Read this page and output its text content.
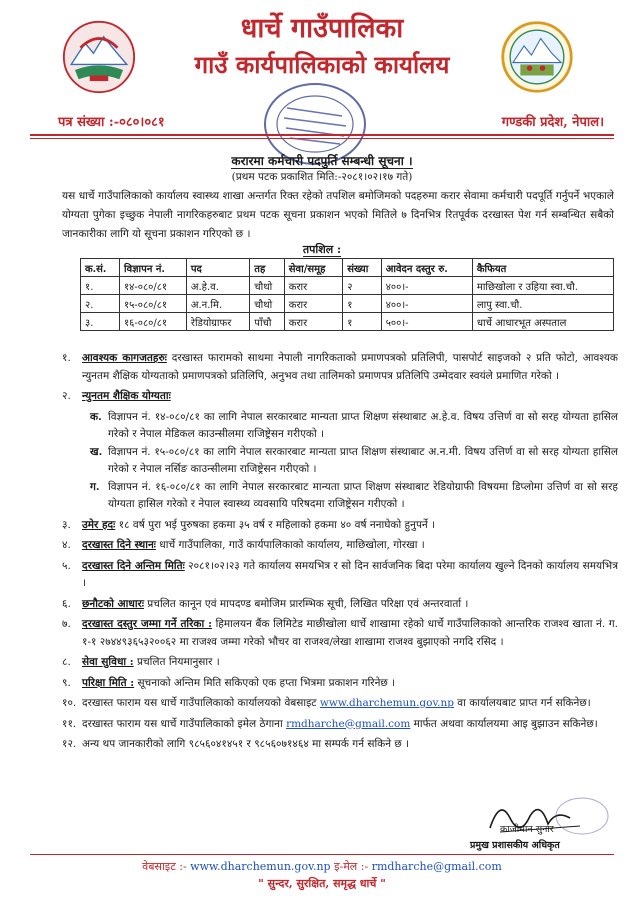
धार्चे गाउँपालिका
गाउँ कार्यपालिकाको कार्यालय
पत्र संख्या :-०८०।०८१	गण्डकी प्रदेश, नेपाल।
करारमा कर्मचारी पदपुर्ति सम्बन्धी सूचना ।
(प्रथम पटक प्रकाशित मिति:-२०८१।०२।१७ गते)
यस धार्चे गाउँपालिकाको कार्यालय स्वास्थ्य शाखा अन्तर्गत रिक्त रहेको तपशिल बमोजिमको पदहरुमा करार सेवामा कर्मचारी पदपूर्ति गर्नुपर्ने भएकाले योग्यता पुगेका इच्छुक नेपाली नागरिकहरुबाट प्रथम पटक सूचना प्रकाशन भएको मितिले ७ दिनभित्र रितपूर्वक दरखास्त पेश गर्न सम्बन्धित सबैको जानकारीका लागि यो सूचना प्रकाशन गरिएको छ ।
तपशिल :
क.सं.	विज्ञापन नं.	पद	तह	सेवा/समूह	संख्या	आवेदन दस्तुर रु.	कैफियत
१.	१४-०८०/८१	अ.हे.व.	चौथो	करार	२	४००।-	माछिखोला र उहिया स्वा.चौ.
२.	१५-०८०/८१	अ.न.मि.	चौथो	करार	१	४००।-	लापु स्वा.चौ.
३.	१६-०८०/८१	रेडियोग्राफर	पाँचौ	करार	१	५००।-	धार्चे आधारभूत अस्पताल
१. आवश्यक कागजतहरुः दरखास्त फारामको साथमा नेपाली नागरिकताको प्रमाणपत्रको प्रतिलिपी, पासपोर्ट साइजको २ प्रति फोटो, आवश्यक न्युनतम शैक्षिक योग्यताको प्रमाणपत्रको प्रतिलिपि, अनुभव तथा तालिमको प्रमाणपत्र प्रतिलिपि उम्मेदवार स्वयंले प्रमाणित गरेको ।
२. न्युनतम शैक्षिक योग्यताः
क. विज्ञापन नं. १४-०८०/८१ का लागि नेपाल सरकारबाट मान्यता प्राप्त शिक्षण संस्थाबाट अ.हे.व. विषय उत्तिर्ण वा सो सरह योग्यता हासिल गरेको र नेपाल मेडिकल काउन्सीलमा राजिष्ट्रेसन गरीएको ।
ख. विज्ञापन नं. १५-०८०/८१ का लागि नेपाल सरकारबाट मान्यता प्राप्त शिक्षण संस्थाबाट अ.न.मी. विषय उत्तिर्ण वा सो सरह योग्यता हासिल गरेको र नेपाल नर्सिङ काउन्सीलमा राजिष्ट्रेसन गरीएको ।
ग. विज्ञापन नं. १६-०८०/८१ का लागि नेपाल सरकारबाट मान्यता प्राप्त शिक्षण संस्थाबाट रेडियोग्राफी विषयमा डिप्लोमा उत्तिर्ण वा सो सरह योग्यता हासिल गरेको र नेपाल स्वास्थ्य व्यवसायि परिषदमा राजिष्ट्रेसन गरीएको ।
३. उमेर हदः १८ वर्ष पुरा भई पुरुषका हकमा ३५ वर्ष र महिलाको हकमा ४० वर्ष ननाघेको हुनुपर्ने ।
४. दरखास्त दिने स्थानः धार्चे गाउँपालिका, गाउँ कार्यपालिकाको कार्यालय, माछिखोला, गोरखा ।
५. दरखास्त दिने अन्तिम मितिः २०८१।०२।२३ गते कार्यालय समयभित्र र सो दिन सार्वजनिक बिदा परेमा कार्यालय खुल्ने दिनको कार्यालय समयभित्र ।
६. छनौटको आधारः प्रचलित कानून एवं मापदण्ड बमोजिम प्रारम्भिक सूची, लिखित परिक्षा एवं अन्तरवार्ता ।
७. दरखास्त दस्तुर जम्मा गर्ने तरिका : हिमालयन बैंक लिमिटेड माछीखोला धार्चे शाखामा रहेको धार्चे गाउँपालिकाको आन्तरिक राजश्व खाता नं. ग. १-१ २७४४९३६५३२००६२ मा राजश्व जम्मा गरेको भौचर वा राजश्व/लेखा शाखामा राजश्व बुझाएको नगदि रसिद ।
८. सेवा सुविधा : प्रचलित नियमानुसार ।
९. परिक्षा मिति : सूचनाको अन्तिम मिति सकिएको एक हप्ता भित्रमा प्रकाशन गरिनेछ ।
१०. दरखास्त फाराम यस धार्चे गाउँपालिकाको कार्यालयको वेबसाइट www.dharchemun.gov.np वा कार्यालयबाट प्राप्त गर्न सकिनेछ।
११. दरखास्त फाराम यस धार्चे गाउँपालिकाको इमेल ठेगाना rmdharche@gmail.com मार्फत अथवा कार्यालयमा आइ बुझाउन सकिनेछ।
१२. अन्य थप जानकारीको लागि ९८५६०४१४५१ र ९८५६०७१४६४ मा सम्पर्क गर्न सकिने छ ।
काजीमान सुनार
प्रमुख प्रशासकीय अधिकृत
वेबसाइट :- www.dharchemun.gov.np इ-मेल :- rmdharche@gmail.com
" सुन्दर, सुरक्षित, समृद्ध धार्चे "
